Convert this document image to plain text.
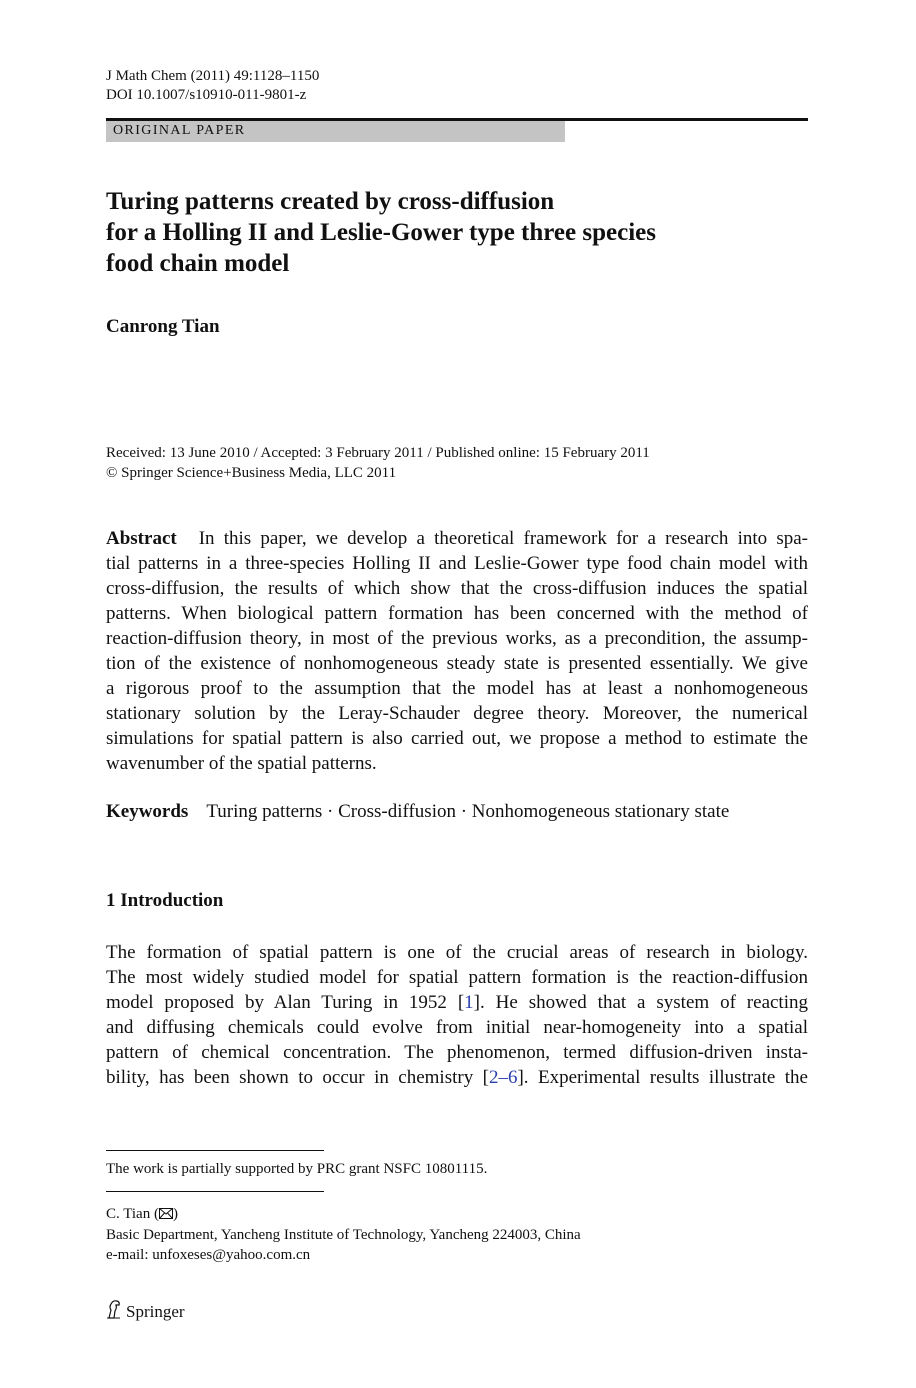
J Math Chem (2011) 49:1128–1150
DOI 10.1007/s10910-011-9801-z
ORIGINAL PAPER
Turing patterns created by cross-diffusion
for a Holling II and Leslie-Gower type three species
food chain model
Canrong Tian
Received: 13 June 2010 / Accepted: 3 February 2011 / Published online: 15 February 2011
© Springer Science+Business Media, LLC 2011
Abstract In this paper, we develop a theoretical framework for a research into spa-
tial patterns in a three-species Holling II and Leslie-Gower type food chain model with
cross-diffusion, the results of which show that the cross-diffusion induces the spatial
patterns. When biological pattern formation has been concerned with the method of
reaction-diffusion theory, in most of the previous works, as a precondition, the assump-
tion of the existence of nonhomogeneous steady state is presented essentially. We give
a rigorous proof to the assumption that the model has at least a nonhomogeneous
stationary solution by the Leray-Schauder degree theory. Moreover, the numerical
simulations for spatial pattern is also carried out, we propose a method to estimate the
wavenumber of the spatial patterns.
Keywords Turing patterns · Cross-diffusion · Nonhomogeneous stationary state
1 Introduction
The formation of spatial pattern is one of the crucial areas of research in biology.
The most widely studied model for spatial pattern formation is the reaction-diffusion
model proposed by Alan Turing in 1952 [1]. He showed that a system of reacting
and diffusing chemicals could evolve from initial near-homogeneity into a spatial
pattern of chemical concentration. The phenomenon, termed diffusion-driven insta-
bility, has been shown to occur in chemistry [2–6]. Experimental results illustrate the
The work is partially supported by PRC grant NSFC 10801115.
C. Tian ( )
Basic Department, Yancheng Institute of Technology, Yancheng 224003, China
e-mail: unfoxeses@yahoo.com.cn
Springer
